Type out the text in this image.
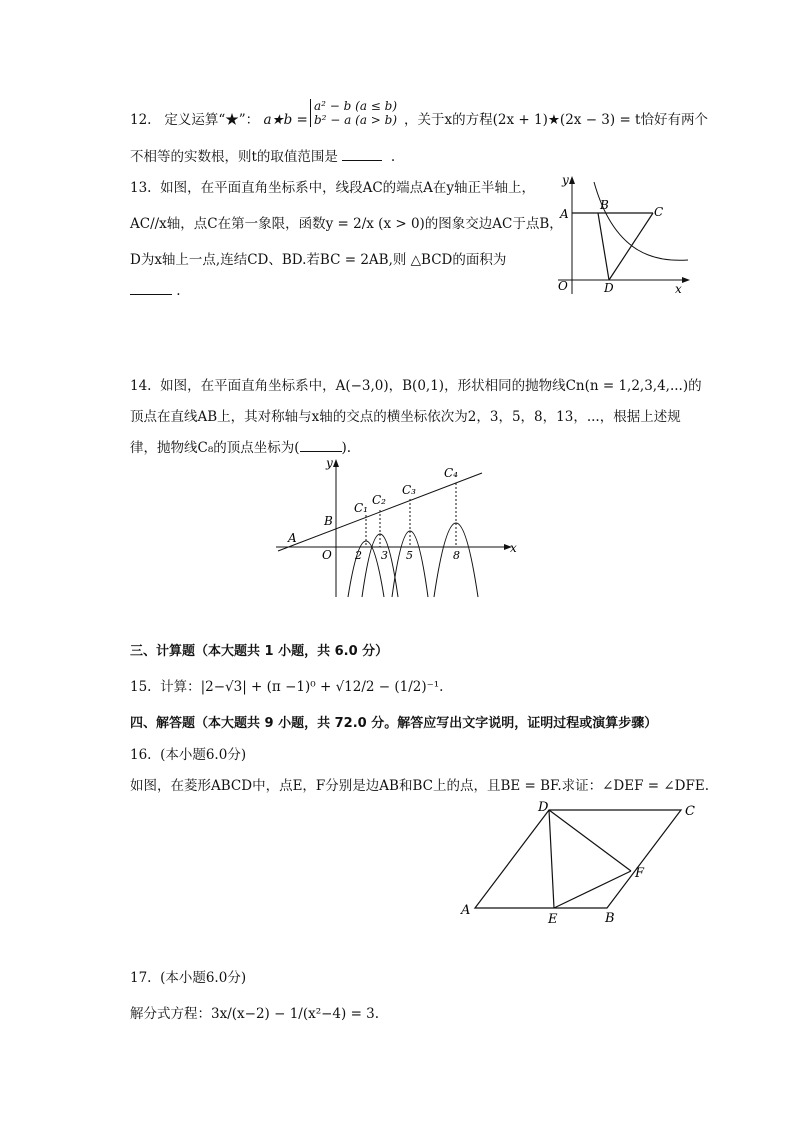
12. 定义运算“★”： a★b =
a² − b (a ≤ b)
b² − a (a > b) ，关于x的方程(2x + 1)★(2x − 3) = t恰好有两个
不相等的实数根，则t的取值范围是	.
13. 如图，在平面直角坐标系中，线段AC的端点A在y轴正半轴上，
AC//x轴，点C在第一象限，函数y = 2/x (x > 0)的图象交边AC于点B，
D为x轴上一点,连结CD、BD.若BC = 2AB,则 △BCD的面积为
.
y
A
B	C
O	D	x
14. 如图，在平面直角坐标系中，A(−3,0)，B(0,1)，形状相同的抛物线Cn(n = 1,2,3,4,...)的
顶点在直线AB上，其对称轴与x轴的交点的横坐标依次为2，3，5，8，13，...，根据上述规
律，抛物线C₈的顶点坐标为(	).
y
A
B
O	x
C₁
C₂
C₃
C₄
2 3 5	8
三、计算题（本大题共 1 小题，共 6.0 分）
15. 计算：|2−√3| + (π −1)⁰ + √12/2 − (1/2)⁻¹.
四、解答题（本大题共 9 小题，共 72.0 分。解答应写出文字说明，证明过程或演算步骤）
16. (本小题6.0分)
如图，在菱形ABCD中，点E，F分别是边AB和BC上的点，且BE = BF.求证：∠DEF = ∠DFE.
A
B
C
D
E
F
17. (本小题6.0分)
解分式方程：3x/(x−2) − 1/(x²−4) = 3.
